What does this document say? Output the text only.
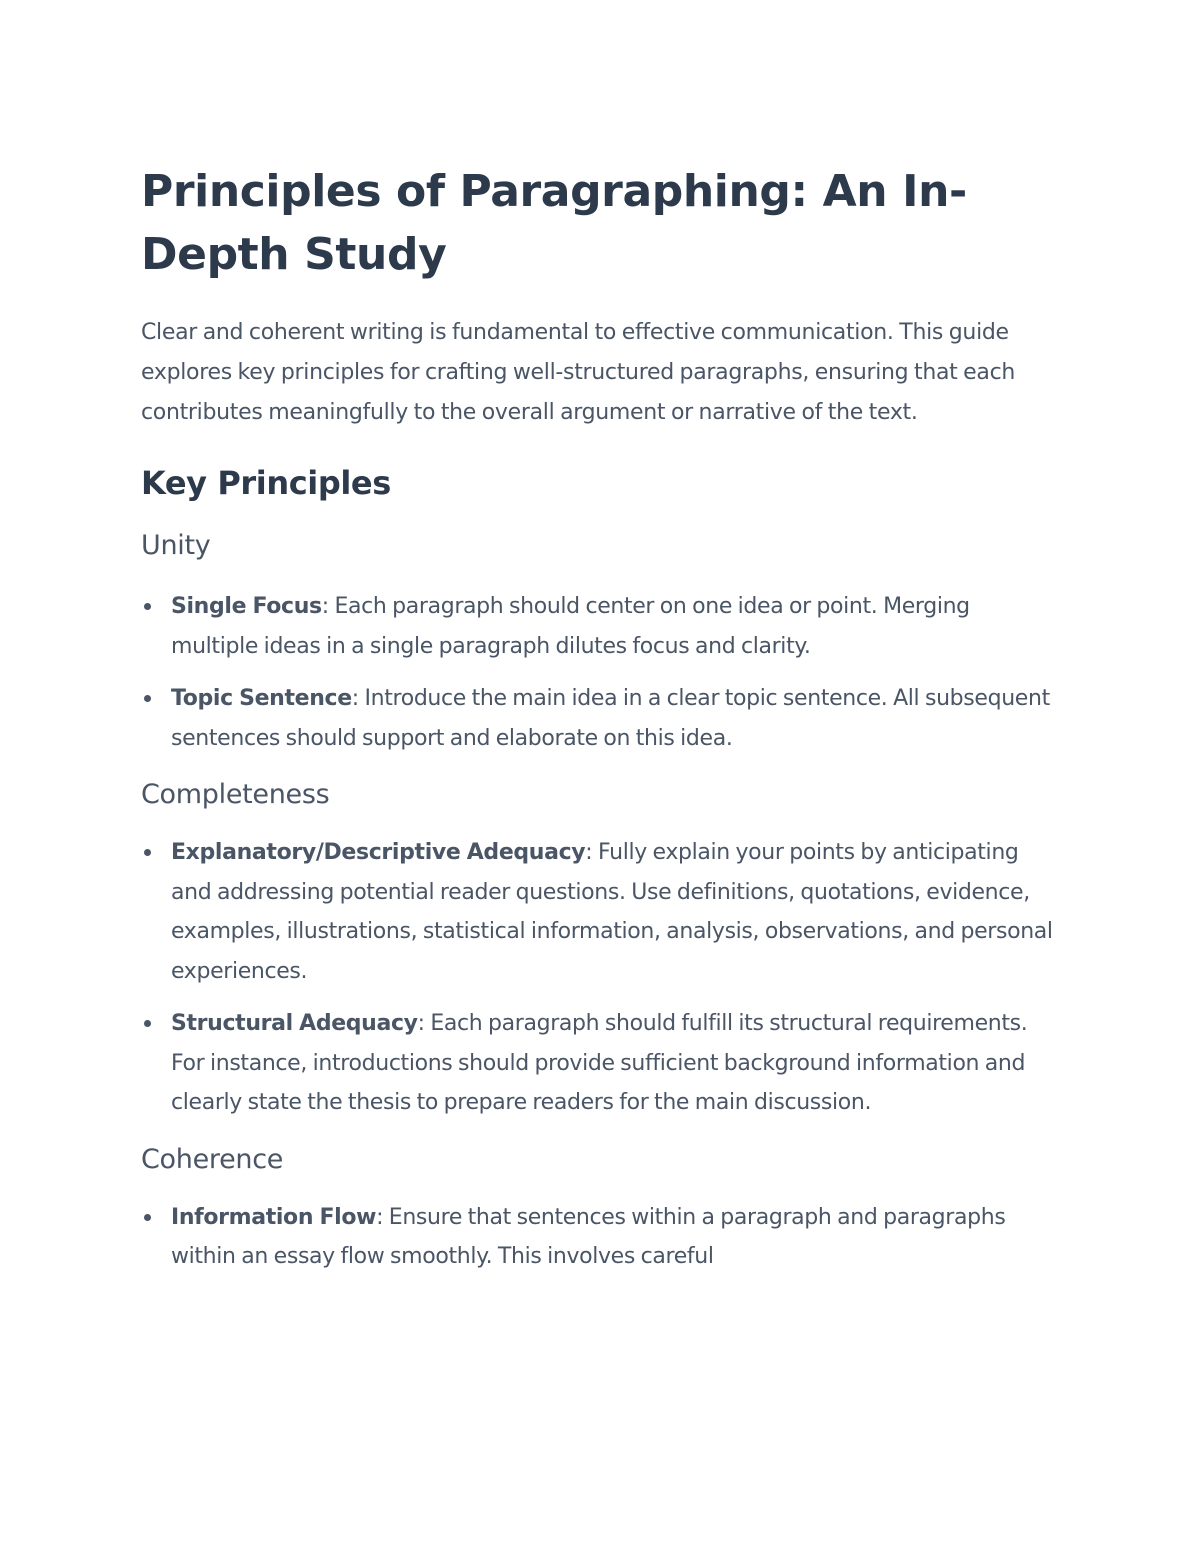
Principles of Paragraphing: An In-Depth Study

Clear and coherent writing is fundamental to effective communication. This guide explores key principles for crafting well-structured paragraphs, ensuring that each contributes meaningfully to the overall argument or narrative of the text.

Key Principles
Unity
Single Focus: Each paragraph should center on one idea or point. Merging multiple ideas in a single paragraph dilutes focus and clarity.
Topic Sentence: Introduce the main idea in a clear topic sentence. All subsequent sentences should support and elaborate on this idea.
Completeness
Explanatory/Descriptive Adequacy: Fully explain your points by anticipating and addressing potential reader questions. Use definitions, quotations, evidence, examples, illustrations, statistical information, analysis, observations, and personal experiences.
Structural Adequacy: Each paragraph should fulfill its structural requirements. For instance, introductions should provide sufficient background information and clearly state the thesis to prepare readers for the main discussion.
Coherence
Information Flow: Ensure that sentences within a paragraph and paragraphs within an essay flow smoothly. This involves careful
